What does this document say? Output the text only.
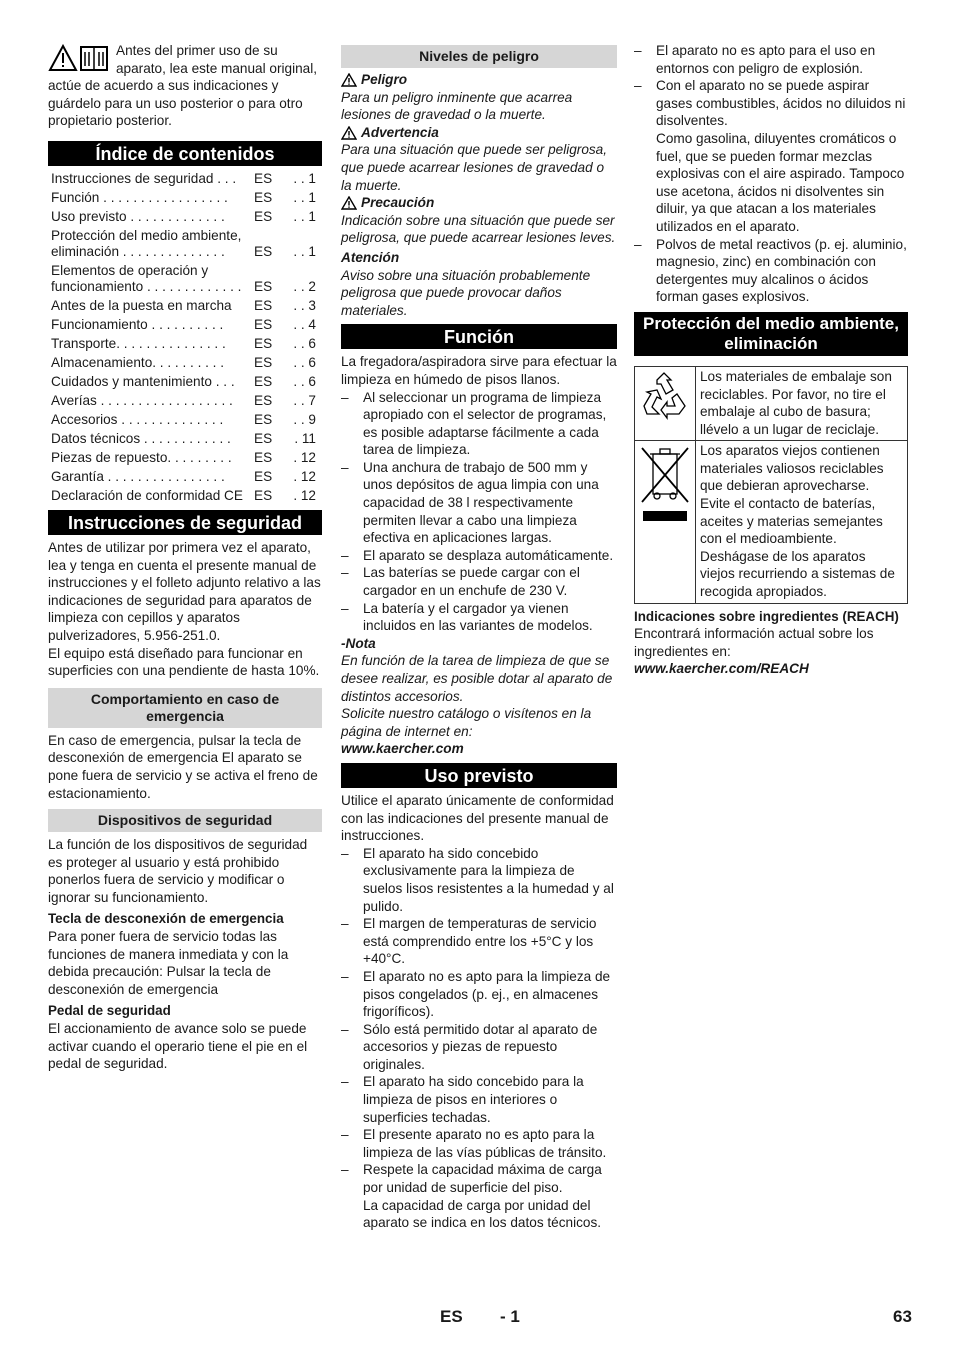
Antes del primer uso de su aparato, lea este manual original, actúe de acuerdo a sus indicaciones y guárdelo para un uso posterior o para otro propietario posterior.

Índice de contenidos
Instrucciones de seguridad . . .	ES	. . 1
Función . . . . . . . . . . . . . . . . .	ES	. . 1
Uso previsto . . . . . . . . . . . . .	ES	. . 1
Protección del medio ambiente, eliminación . . . . . . . . . . . . . .	ES	. . 1
Elementos de operación y funcionamiento . . . . . . . . . . . . .	ES	. . 2
Antes de la puesta en marcha	ES	. . 3
Funcionamiento . . . . . . . . . .	ES	. . 4
Transporte. . . . . . . . . . . . . . .	ES	. . 6
Almacenamiento. . . . . . . . . .	ES	. . 6
Cuidados y mantenimiento . . .	ES	. . 6
Averías . . . . . . . . . . . . . . . . . .	ES	. . 7
Accesorios . . . . . . . . . . . . . .	ES	. . 9
Datos técnicos . . . . . . . . . . . .	ES	. 11
Piezas de repuesto. . . . . . . . .	ES	. 12
Garantía . . . . . . . . . . . . . . . .	ES	. 12
Declaración de conformidad CE	ES	. 12
Instrucciones de seguridad

Antes de utilizar por primera vez el aparato, lea y tenga en cuenta el presente manual de instrucciones y el folleto adjunto relativo a las indicaciones de seguridad para aparatos de limpieza con cepillos y aparatos pulverizadores, 5.956-251.0.

El equipo está diseñado para funcionar en superficies con una pendiente de hasta 10%.

Comportamiento en caso de emergencia

En caso de emergencia, pulsar la tecla de desconexión de emergencia El aparato se pone fuera de servicio y se activa el freno de estacionamiento.

Dispositivos de seguridad

La función de los dispositivos de seguridad es proteger al usuario y está prohibido ponerlos fuera de servicio y modificar o ignorar su funcionamiento.

Tecla de desconexión de emergencia

Para poner fuera de servicio todas las funciones de manera inmediata y con la debida precaución: Pulsar la tecla de desconexión de emergencia

Pedal de seguridad

El accionamiento de avance solo se puede activar cuando el operario tiene el pie en el pedal de seguridad.

Niveles de peligro
Peligro

Para un peligro inminente que acarrea lesiones de gravedad o la muerte.

Advertencia

Para una situación que puede ser peligrosa, que puede acarrear lesiones de gravedad o la muerte.

Precaución

Indicación sobre una situación que puede ser peligrosa, que puede acarrear lesiones leves.

Atención

Aviso sobre una situación probablemente peligrosa que puede provocar daños materiales.

Función

La fregadora/aspiradora sirve para efectuar la limpieza en húmedo de pisos llanos.

– Al seleccionar un programa de limpieza apropiado con el selector de programas, es posible adaptarse fácilmente a cada tarea de limpieza.
– Una anchura de trabajo de 500 mm y unos depósitos de agua limpia con una capacidad de 38 l respectivamente permiten llevar a cabo una limpieza efectiva en aplicaciones largas.
– El aparato se desplaza automáticamente.
– Las baterías se puede cargar con el cargador en un enchufe de 230 V.
– La batería y el cargador ya vienen incluidos en las variantes de modelos.

-Nota

En función de la tarea de limpieza de que se desee realizar, es posible dotar al aparato de distintos accesorios.

Solicite nuestro catálogo o visítenos en la página de internet en:

www.kaercher.com

Uso previsto

Utilice el aparato únicamente de conformidad con las indicaciones del presente manual de instrucciones.

– El aparato ha sido concebido exclusivamente para la limpieza de suelos lisos resistentes a la humedad y al pulido.
– El margen de temperaturas de servicio está comprendido entre los +5°C y los +40°C.
– El aparato no es apto para la limpieza de pisos congelados (p. ej., en almacenes frigoríficos).
– Sólo está permitido dotar al aparato de accesorios y piezas de repuesto originales.
– El aparato ha sido concebido para la limpieza de pisos en interiores o superficies techadas.
– El presente aparato no es apto para la limpieza de las vías públicas de tránsito.
– Respete la capacidad máxima de carga por unidad de superficie del piso.
La capacidad de carga por unidad del aparato se indica en los datos técnicos.
– El aparato no es apto para el uso en entornos con peligro de explosión.
– Con el aparato no se puede aspirar gases combustibles, ácidos no diluidos ni disolventes.
Como gasolina, diluyentes cromáticos o fuel, que se pueden formar mezclas explosivas con el aire aspirado. Tampoco use acetona, ácidos ni disolventes sin diluir, ya que atacan a los materiales utilizados en el aparato.
– Polvos de metal reactivos (p. ej. aluminio, magnesio, zinc) en combinación con detergentes muy alcalinos o ácidos forman gases explosivos.
Protección del medio ambiente, eliminación
	Los materiales de embalaje son reciclables. Por favor, no tire el embalaje al cubo de basura; llévelo a un lugar de reciclaje.
	Los aparatos viejos contienen materiales valiosos reciclables que debieran aprovecharse. Evite el contacto de baterías, aceites y materias semejantes con el medioambiente. Deshágase de los aparatos viejos recurriendo a sistemas de recogida apropiados.

Indicaciones sobre ingredientes (REACH)

Encontrará información actual sobre los ingredientes en:

www.kaercher.com/REACH

ES - 1	63
